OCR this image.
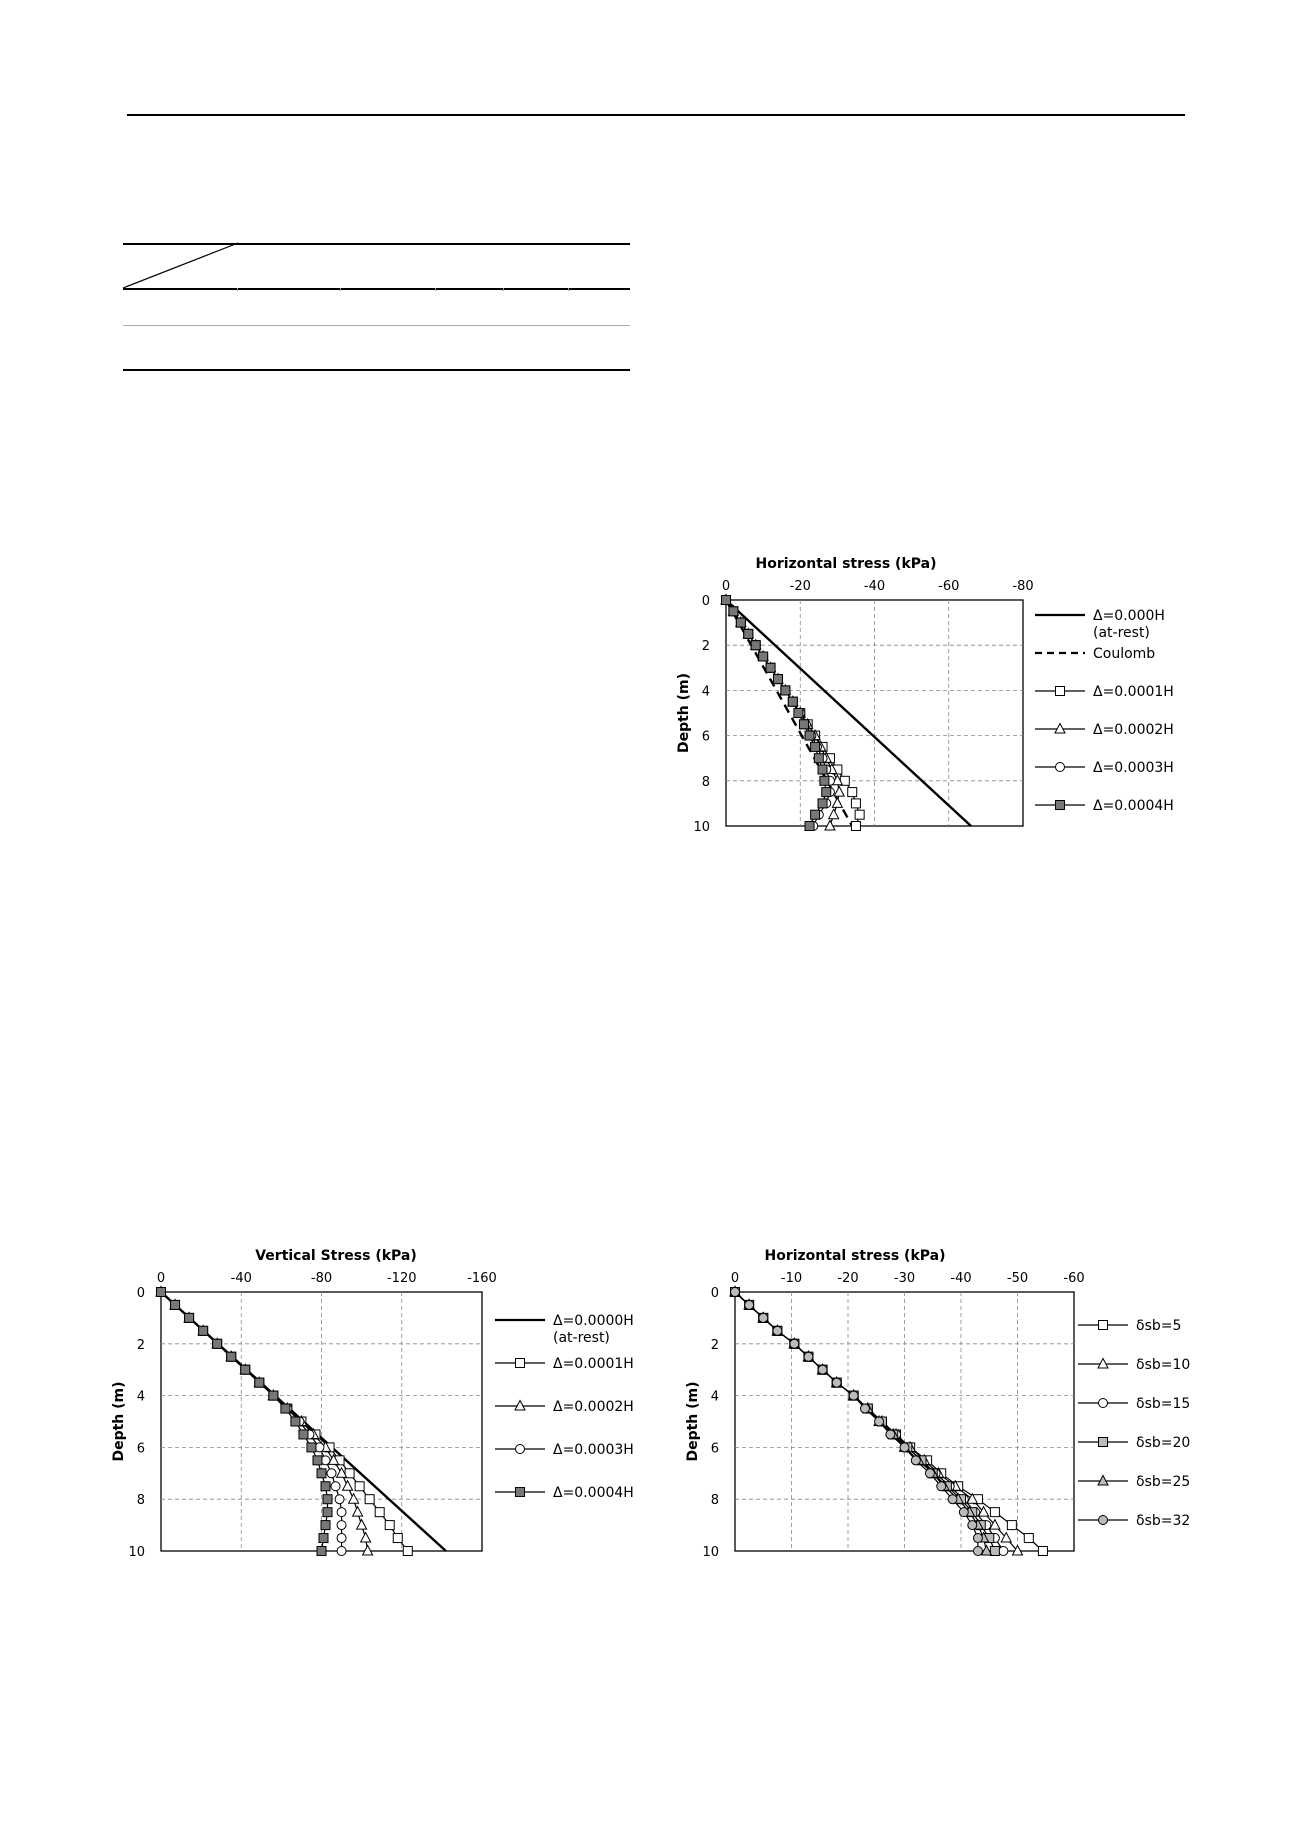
0	-20	-40	-60	-80
0
2
4
6
8
10
Horizontal stress (kPa)
Depth (m)
Δ=0.000H
(at-rest)
Coulomb
Δ=0.0001H
Δ=0.0002H
Δ=0.0003H
Δ=0.0004H
0	-40	-80	-120	-160
0
2
4
6
8
10
Vertical Stress (kPa)
Depth (m)
Δ=0.0000H
(at-rest)
Δ=0.0001H
Δ=0.0002H
Δ=0.0003H
Δ=0.0004H
0	-10	-20	-30	-40	-50	-60
0
2
4
6
8
10
Horizontal stress (kPa)
Depth (m)
δsb=5
δsb=10
δsb=15
δsb=20
δsb=25
δsb=32
